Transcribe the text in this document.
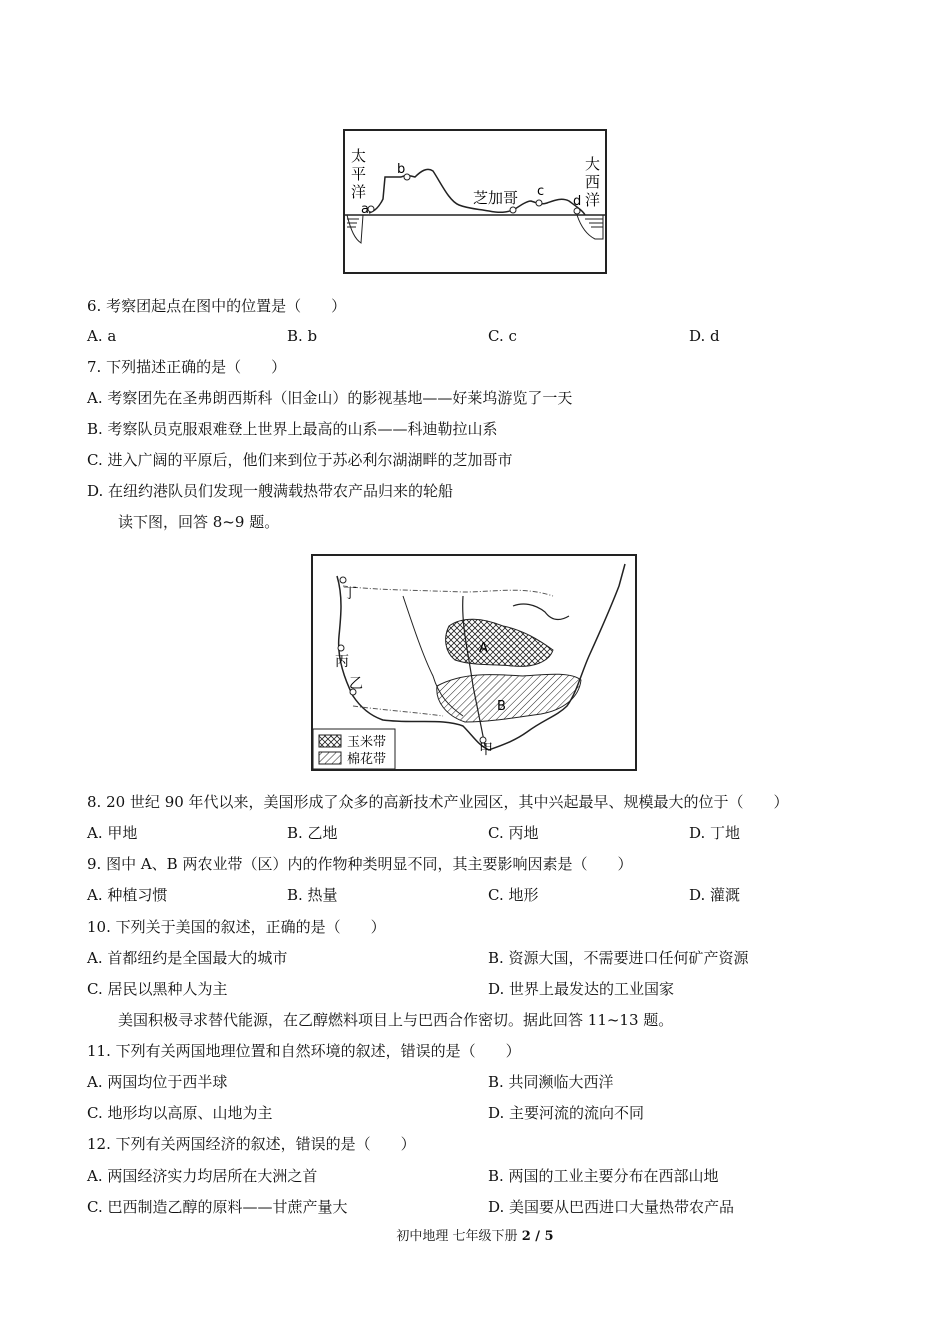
a
b
c
d
芝加哥
太
平
洋
大
西
洋
6. 考察团起点在图中的位置是（　　）
A. a	B. b	C. c	D. d
7. 下列描述正确的是（　　）
A. 考察团先在圣弗朗西斯科（旧金山）的影视基地——好莱坞游览了一天
B. 考察队员克服艰难登上世界上最高的山系——科迪勒拉山系
C. 进入广阔的平原后，他们来到位于苏必利尔湖湖畔的芝加哥市
D. 在纽约港队员们发现一艘满载热带农产品归来的轮船
读下图，回答 8~9 题。
丁
丙
乙
甲
A
B
玉米带
棉花带
8. 20 世纪 90 年代以来，美国形成了众多的高新技术产业园区，其中兴起最早、规模最大的位于（　　）
A. 甲地	B. 乙地	C. 丙地	D. 丁地
9. 图中 A、B 两农业带（区）内的作物种类明显不同，其主要影响因素是（　　）
A. 种植习惯	B. 热量	C. 地形	D. 灌溉
10. 下列关于美国的叙述，正确的是（　　）
A. 首都纽约是全国最大的城市	B. 资源大国，不需要进口任何矿产资源
C. 居民以黑种人为主	D. 世界上最发达的工业国家
美国积极寻求替代能源，在乙醇燃料项目上与巴西合作密切。据此回答 11~13 题。
11. 下列有关两国地理位置和自然环境的叙述，错误的是（　　）
A. 两国均位于西半球	B. 共同濒临大西洋
C. 地形均以高原、山地为主	D. 主要河流的流向不同
12. 下列有关两国经济的叙述，错误的是（　　）
A. 两国经济实力均居所在大洲之首	B. 两国的工业主要分布在西部山地
C. 巴西制造乙醇的原料——甘蔗产量大	D. 美国要从巴西进口大量热带农产品
初中地理 七年级下册 2 / 5
